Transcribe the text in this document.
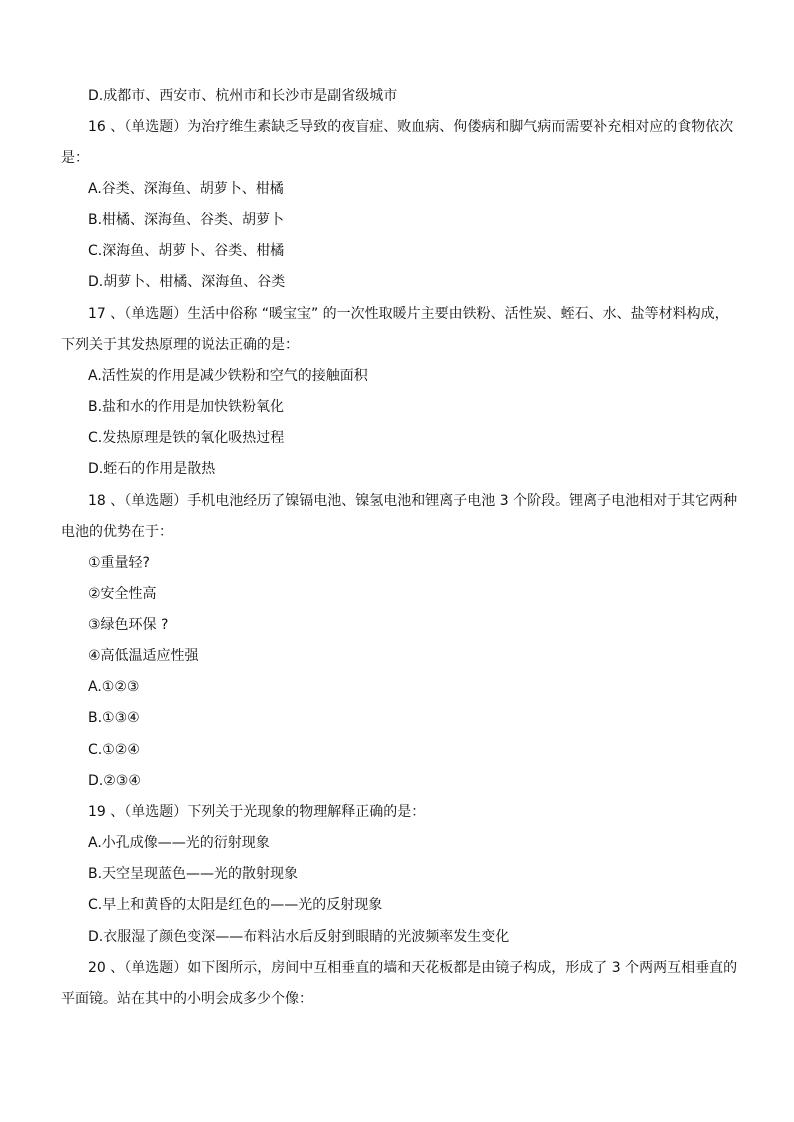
D.成都市、西安市、杭州市和长沙市是副省级城市
16 、（单选题）为治疗维生素缺乏导致的夜盲症、败血病、佝偻病和脚气病而需要补充相对应的食物依次
是：
A.谷类、深海鱼、胡萝卜、柑橘
B.柑橘、深海鱼、谷类、胡萝卜
C.深海鱼、胡萝卜、谷类、柑橘
D.胡萝卜、柑橘、深海鱼、谷类
17 、（单选题）生活中俗称 “暖宝宝” 的一次性取暖片主要由铁粉、活性炭、蛭石、水、盐等材料构成，
下列关于其发热原理的说法正确的是：
A.活性炭的作用是减少铁粉和空气的接触面积
B.盐和水的作用是加快铁粉氧化
C.发热原理是铁的氧化吸热过程
D.蛭石的作用是散热
18 、（单选题）手机电池经历了镍镉电池、镍氢电池和锂离子电池 3 个阶段。锂离子电池相对于其它两种
电池的优势在于：
①重量轻?
②安全性高
③绿色环保 ?
④高低温适应性强
A.①②③
B.①③④
C.①②④
D.②③④
19 、（单选题）下列关于光现象的物理解释正确的是：
A.小孔成像——光的衍射现象
B.天空呈现蓝色——光的散射现象
C.早上和黄昏的太阳是红色的——光的反射现象
D.衣服湿了颜色变深——布料沾水后反射到眼睛的光波频率发生变化
20 、（单选题）如下图所示，房间中互相垂直的墙和天花板都是由镜子构成，形成了 3 个两两互相垂直的
平面镜。站在其中的小明会成多少个像：
